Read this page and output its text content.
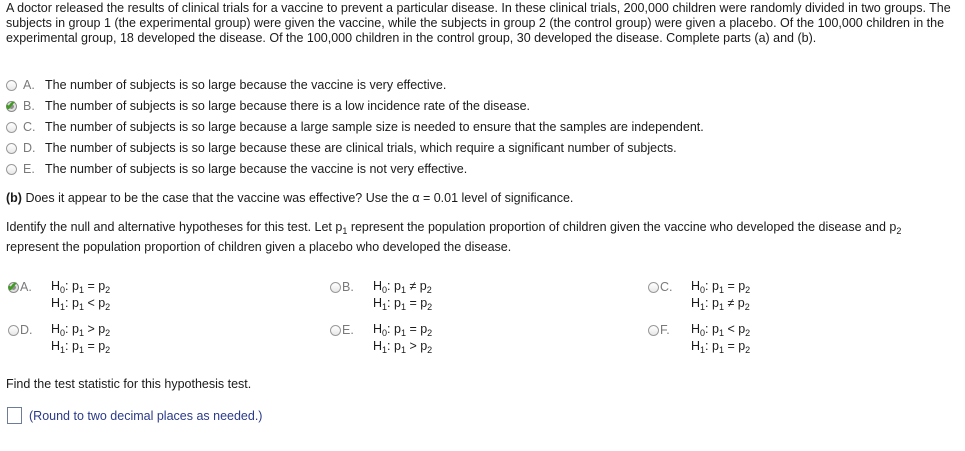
A doctor released the results of clinical trials for a vaccine to prevent a particular disease. In these clinical trials, 200,000 children were randomly divided in two groups. The subjects in group 1 (the experimental group) were given the vaccine, while the subjects in group 2 (the control group) were given a placebo. Of the 100,000 children in the experimental group, 18 developed the disease. Of the 100,000 children in the control group, 30 developed the disease. Complete parts (a) and (b).
A. The number of subjects is so large because the vaccine is very effective.
✔ B. The number of subjects is so large because there is a low incidence rate of the disease.
C. The number of subjects is so large because a large sample size is needed to ensure that the samples are independent.
D. The number of subjects is so large because these are clinical trials, which require a significant number of subjects.
E. The number of subjects is so large because the vaccine is not very effective.
(b) Does it appear to be the case that the vaccine was effective? Use the α = 0.01 level of significance.
Identify the null and alternative hypotheses for this test. Let $p_1$ represent the population proportion of children given the vaccine who developed the disease and $p_2$
represent the population proportion of children given a placebo who developed the disease.
✔ A.	$H_0$: $p_1 = p_2$
$H_1$: $p_1 < p_2$
B.	$H_0$: $p_1 \ne p_2$
$H_1$: $p_1 = p_2$
C.	$H_0$: $p_1 = p_2$
$H_1$: $p_1 \ne p_2$
D.	$H_0$: $p_1 > p_2$
$H_1$: $p_1 = p_2$
E.	$H_0$: $p_1 = p_2$
$H_1$: $p_1 > p_2$
F.	$H_0$: $p_1 < p_2$
$H_1$: $p_1 = p_2$
Find the test statistic for this hypothesis test.
(Round to two decimal places as needed.)
